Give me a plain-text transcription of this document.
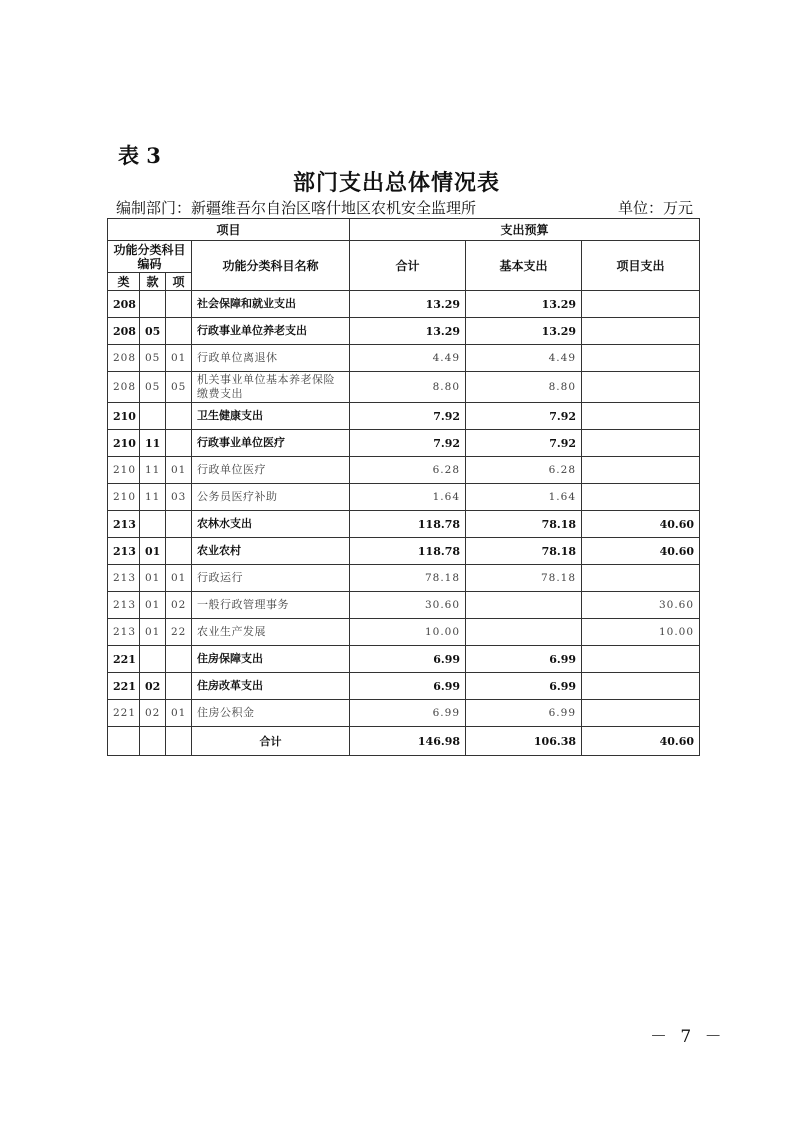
表 3
部门支出总体情况表
编制部门：新疆维吾尔自治区喀什地区农机安全监理所	单位：万元
项目				支出预算		
功能分类科目编码			功能分类科目名称	合计	基本支出	项目支出
类	款	项				
208			社会保障和就业支出	13.29	13.29	
208	05		行政事业单位养老支出	13.29	13.29	
208	05	01	行政单位离退休	4.49	4.49	
208	05	05	机关事业单位基本养老保险缴费支出	8.80	8.80	
210			卫生健康支出	7.92	7.92	
210	11		行政事业单位医疗	7.92	7.92	
210	11	01	行政单位医疗	6.28	6.28	
210	11	03	公务员医疗补助	1.64	1.64	
213			农林水支出	118.78	78.18	40.60
213	01		农业农村	118.78	78.18	40.60
213	01	01	行政运行	78.18	78.18	
213	01	02	一般行政管理事务	30.60		30.60
213	01	22	农业生产发展	10.00		10.00
221			住房保障支出	6.99	6.99	
221	02		住房改革支出	6.99	6.99	
221	02	01	住房公积金	6.99	6.99	
			合计	146.98	106.38	40.60
－ 7 －
